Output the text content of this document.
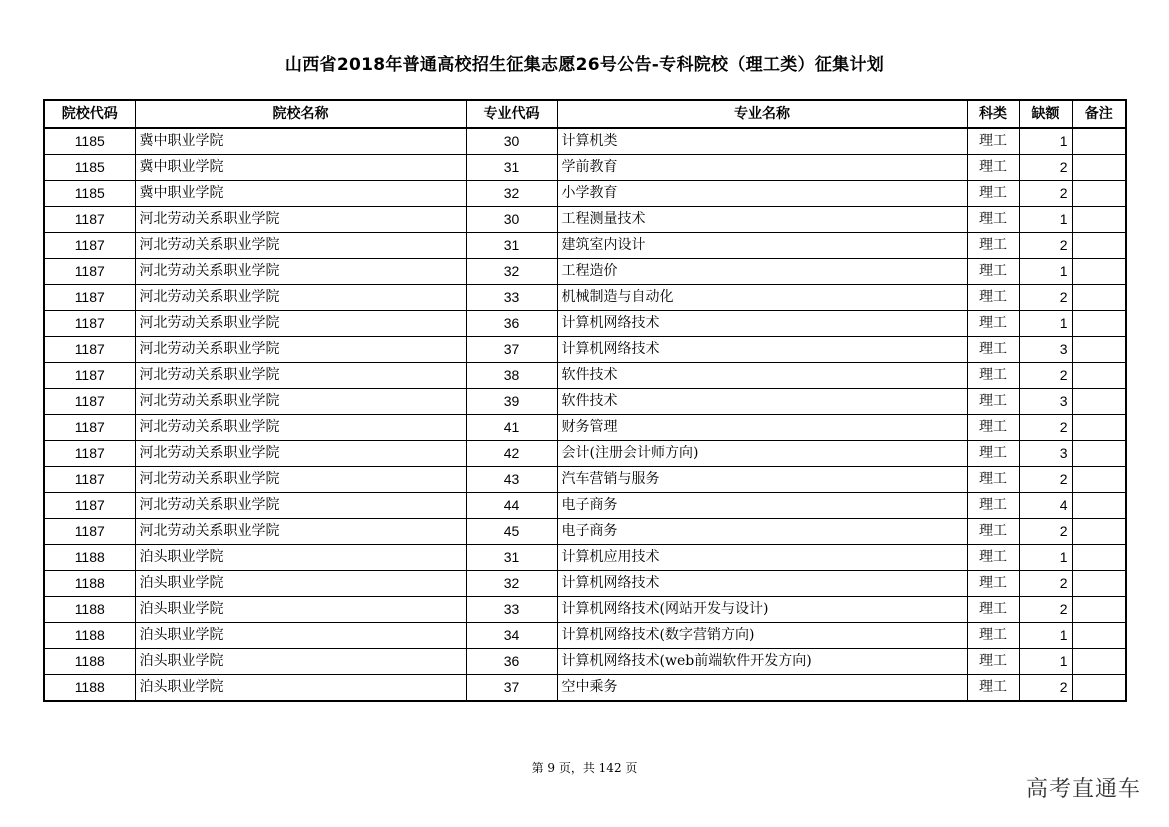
山西省2018年普通高校招生征集志愿26号公告-专科院校（理工类）征集计划
院校代码	院校名称	专业代码	专业名称	科类	缺额	备注
1185	冀中职业学院	30	计算机类	理工	1	
1185	冀中职业学院	31	学前教育	理工	2	
1185	冀中职业学院	32	小学教育	理工	2	
1187	河北劳动关系职业学院	30	工程测量技术	理工	1	
1187	河北劳动关系职业学院	31	建筑室内设计	理工	2	
1187	河北劳动关系职业学院	32	工程造价	理工	1	
1187	河北劳动关系职业学院	33	机械制造与自动化	理工	2	
1187	河北劳动关系职业学院	36	计算机网络技术	理工	1	
1187	河北劳动关系职业学院	37	计算机网络技术	理工	3	
1187	河北劳动关系职业学院	38	软件技术	理工	2	
1187	河北劳动关系职业学院	39	软件技术	理工	3	
1187	河北劳动关系职业学院	41	财务管理	理工	2	
1187	河北劳动关系职业学院	42	会计(注册会计师方向)	理工	3	
1187	河北劳动关系职业学院	43	汽车营销与服务	理工	2	
1187	河北劳动关系职业学院	44	电子商务	理工	4	
1187	河北劳动关系职业学院	45	电子商务	理工	2	
1188	泊头职业学院	31	计算机应用技术	理工	1	
1188	泊头职业学院	32	计算机网络技术	理工	2	
1188	泊头职业学院	33	计算机网络技术(网站开发与设计)	理工	2	
1188	泊头职业学院	34	计算机网络技术(数字营销方向)	理工	1	
1188	泊头职业学院	36	计算机网络技术(web前端软件开发方向)	理工	1	
1188	泊头职业学院	37	空中乘务	理工	2	
第 9 页，共 142 页
高考直通车
